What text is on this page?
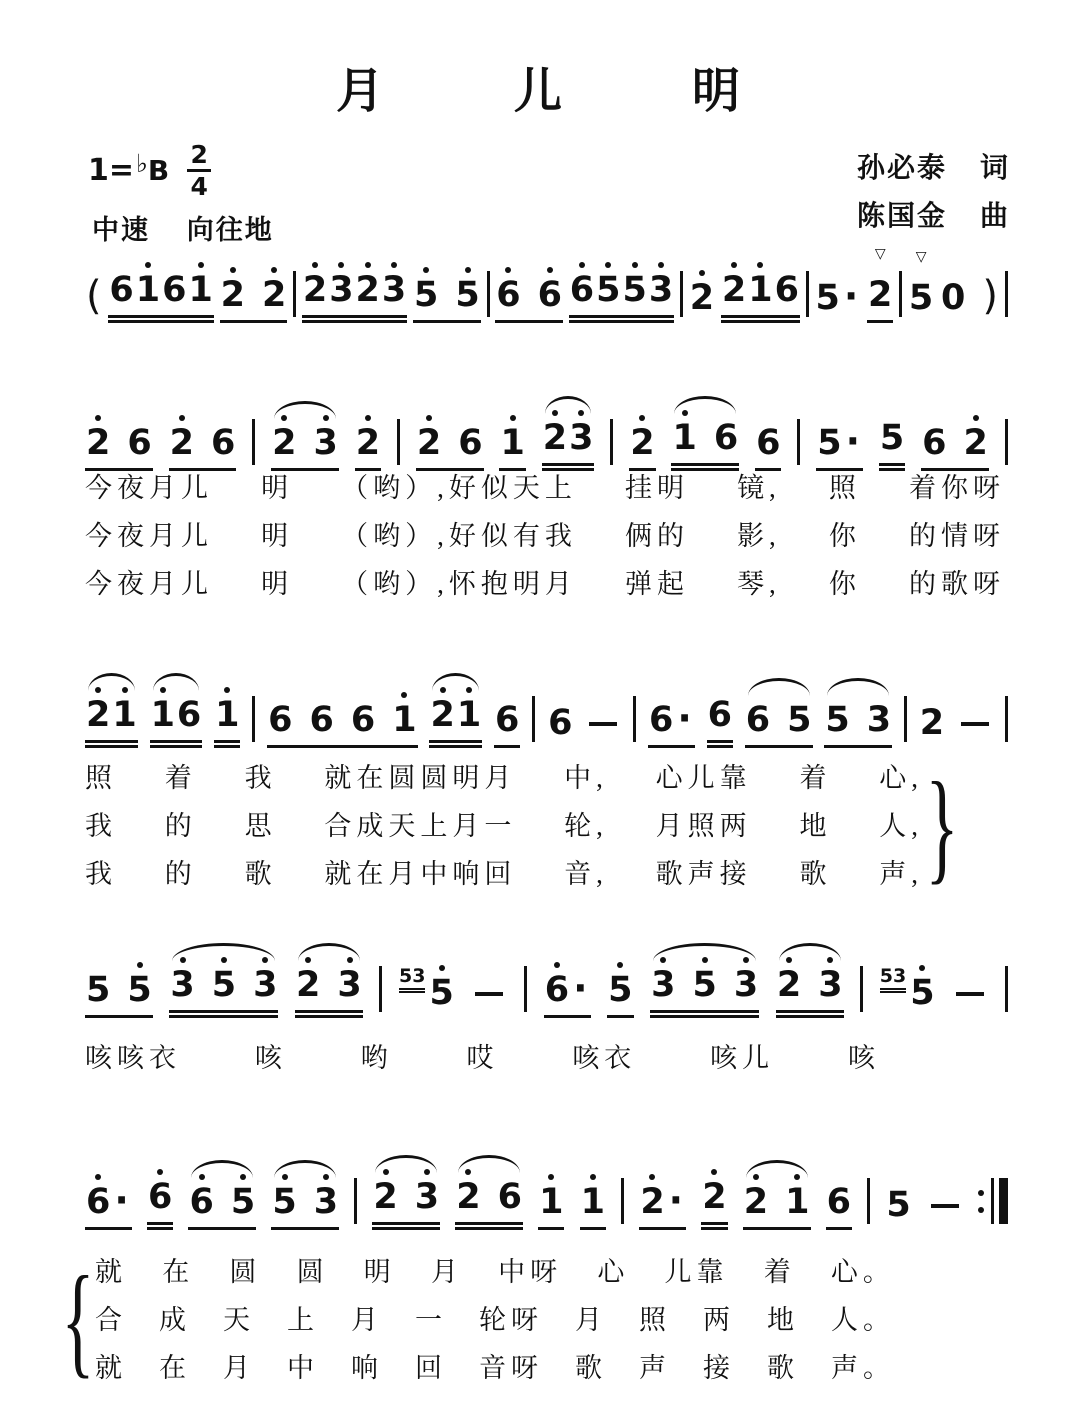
月 儿 明
1= ♭ B $\frac{2}{4}$
中速 向往地
孙必泰 词
陈国金 曲
( 6 1 6 1 2 2 2 3 2 3 5 5 6 6 6 5 5 3 2 2 1 6 5 · 2
▽
5
▽
0 )
2 6 2 6 2 3 2 2 6 1 2 3 2 1 6 6 5 · 5 6 2
2 1 1 6 1 6 6 6 1 2 1 6 6 6 · 6 6 5 5 3 2
5 5 3 5 3 2 3 5 3 5	6 · 5 3 5 3 2 3 5 3 5
6 · 6 6 5 5 3 2 3 2 6 1 1 2 · 2 2 1 6 5
今夜月儿 明 （哟）,好似天上 挂明 镜, 照 着你呀
今夜月儿 明 （哟）,好似有我 俩的 影, 你 的情呀
今夜月儿 明 （哟）,怀抱明月 弹起 琴, 你 的歌呀
照 着 我 就在圆圆明月 中, 心儿靠 着 心,
我 的 思 合成天上月一 轮, 月照两 地 人,
我 的 歌 就在月中响回 音, 歌声接 歌 声, }
咳咳衣	咳	哟	哎	咳衣	咳儿	咳
就 在 圆 圆 明 月 中呀 心 儿靠 着 心。
合 成 天 上 月 一 轮呀 月 照 两 地 人。
就 在 月 中 响 回 音呀 歌 声 接 歌 声。
{
